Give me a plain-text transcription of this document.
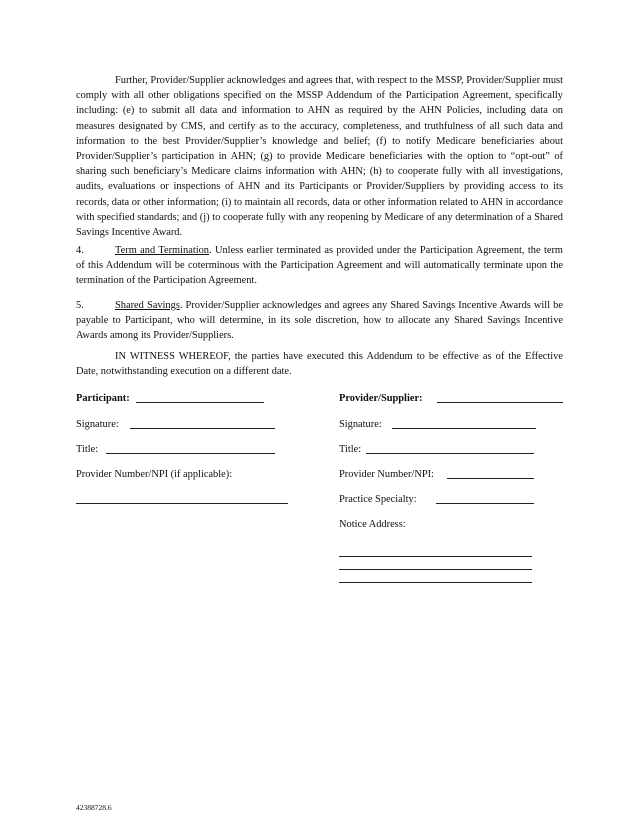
Further, Provider/Supplier acknowledges and agrees that, with respect to the MSSP, Provider/Supplier must comply with all other obligations specified on the MSSP Addendum of the Participation Agreement, specifically including: (e) to submit all data and information to AHN as required by the AHN Policies, including data on measures designated by CMS, and certify as to the accuracy, completeness, and truthfulness of all such data and information to the best Provider/Supplier’s knowledge and belief; (f) to notify Medicare beneficiaries about Provider/Supplier’s participation in AHN; (g) to provide Medicare beneficiaries with the option to “opt-out” of sharing such beneficiary’s Medicare claims information with AHN; (h) to cooperate fully with all investigations, audits, evaluations or inspections of AHN and its Participants or Provider/Suppliers by providing access to its records, data or other information; (i) to maintain all records, data or other information related to AHN in accordance with specified standards; and (j) to cooperate fully with any reopening by Medicare of any determination of a Shared Savings Incentive Award.
4.	Term and Termination. Unless earlier terminated as provided under the Participation Agreement, the term of this Addendum will be coterminous with the Participation Agreement and will automatically terminate upon the termination of the Participation Agreement.
5.	Shared Savings. Provider/Supplier acknowledges and agrees any Shared Savings Incentive Awards will be payable to Participant, who will determine, in its sole discretion, how to allocate any Shared Savings Incentive Awards among its Provider/Suppliers.
IN WITNESS WHEREOF, the parties have executed this Addendum to be effective as of the Effective Date, notwithstanding execution on a different date.
Participant:
Signature:
Title:
Provider Number/NPI (if applicable):
Provider/Supplier:
Signature:
Title:
Provider Number/NPI:
Practice Specialty:
Notice Address:
42388728.6
